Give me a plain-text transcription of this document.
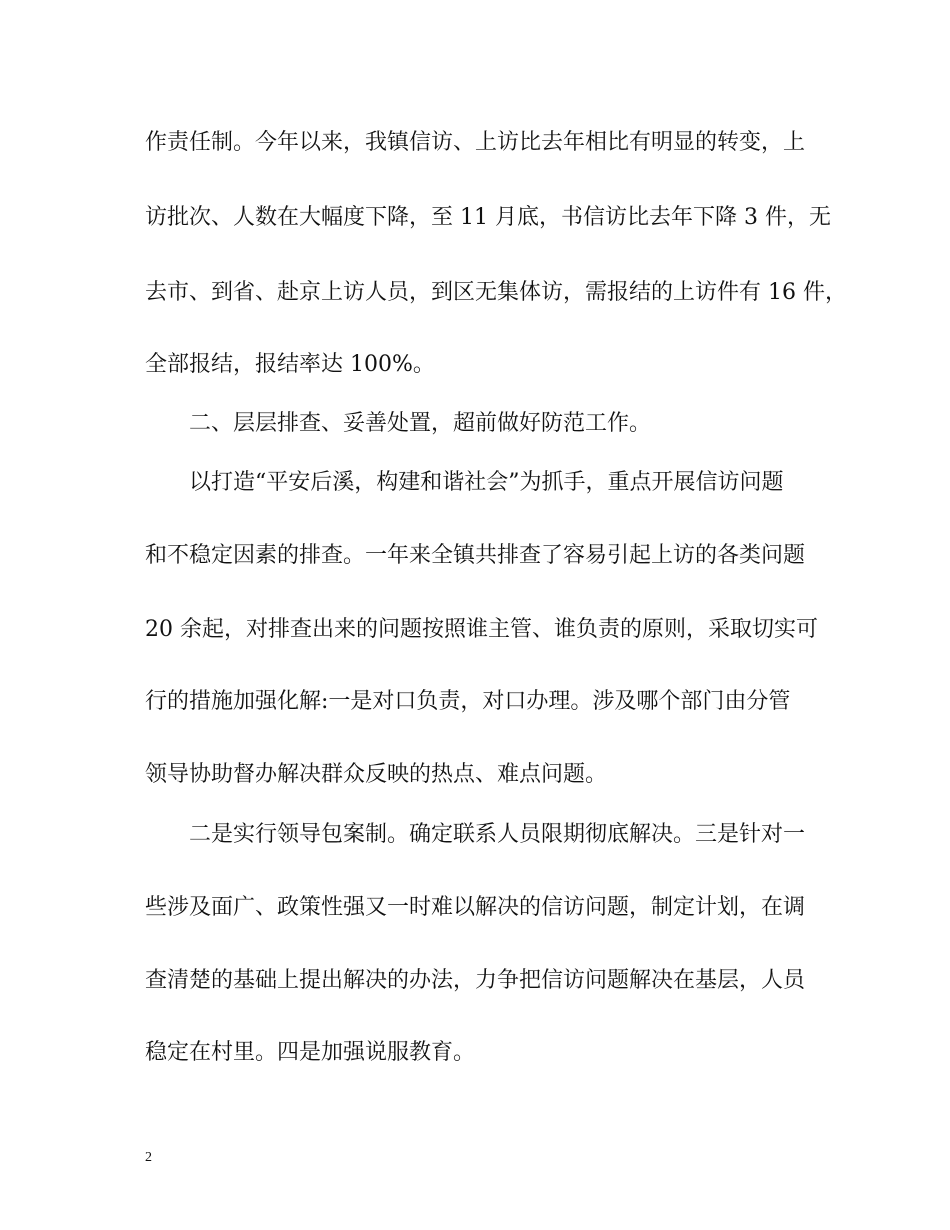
作责任制。今年以来，我镇信访、上访比去年相比有明显的转变，上
访批次、人数在大幅度下降，至 11 月底，书信访比去年下降 3 件，无
去市、到省、赴京上访人员，到区无集体访，需报结的上访件有 16 件，
全部报结，报结率达 100%。
二、层层排查、妥善处置，超前做好防范工作。
以打造“平安后溪，构建和谐社会”为抓手，重点开展信访问题
和不稳定因素的排查。一年来全镇共排查了容易引起上访的各类问题
20 余起，对排查出来的问题按照谁主管、谁负责的原则，采取切实可
行的措施加强化解:一是对口负责，对口办理。涉及哪个部门由分管
领导协助督办解决群众反映的热点、难点问题。
二是实行领导包案制。确定联系人员限期彻底解决。三是针对一
些涉及面广、政策性强又一时难以解决的信访问题，制定计划，在调
查清楚的基础上提出解决的办法，力争把信访问题解决在基层，人员
稳定在村里。四是加强说服教育。
2
